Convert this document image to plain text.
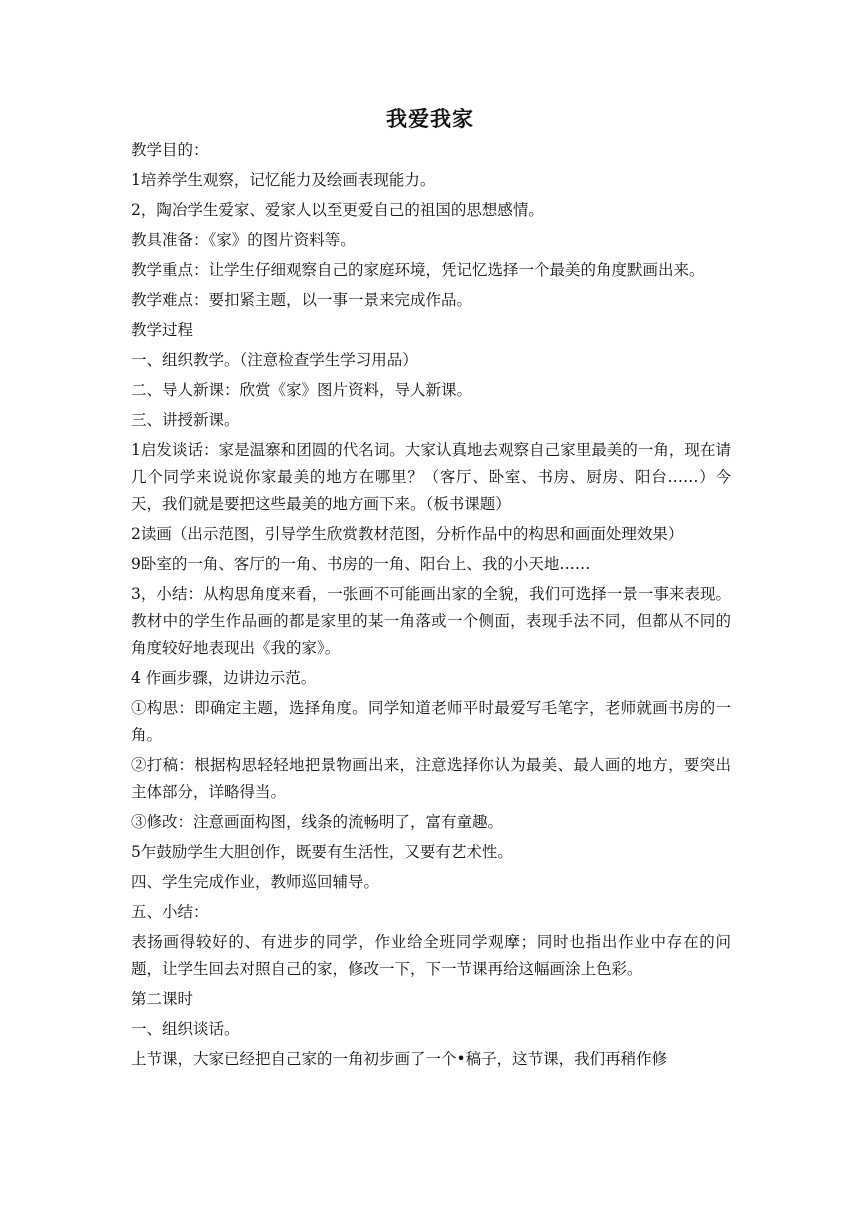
我爱我家

教学目的：

1培养学生观察，记忆能力及绘画表现能力。

2，陶冶学生爱家、爱家人以至更爱自己的祖国的思想感情。

教具准备：《家》的图片资料等。

教学重点：让学生仔细观察自己的家庭环境，凭记忆选择一个最美的角度默画出来。

教学难点：要扣紧主题，以一事一景来完成作品。

教学过程

一、组织教学。（注意检查学生学习用品）

二、导人新课：欣赏《家》图片资料，导人新课。

三、讲授新课。

1启发谈话：家是温寨和团圆的代名词。大家认真地去观察自己家里最美的一角，现在请几个同学来说说你家最美的地方在哪里？（客厅、卧室、书房、厨房、阳台……）今天，我们就是要把这些最美的地方画下来。（板书课题）

2读画（出示范图，引导学生欣赏教材范图，分析作品中的构思和画面处理效果）

9卧室的一角、客厅的一角、书房的一角、阳台上、我的小天地……

3，小结：从构思角度来看，一张画不可能画出家的全貌，我们可选择一景一事来表现。教材中的学生作品画的都是家里的某一角落或一个侧面，表现手法不同，但都从不同的角度较好地表现出《我的家》。

4 作画步骤，边讲边示范。

①构思：即确定主题，选择角度。同学知道老师平时最爱写毛笔字，老师就画书房的一角。

②打稿：根据构思轻轻地把景物画出来，注意选择你认为最美、最人画的地方，要突出主体部分，详略得当。

③修改：注意画面构图，线条的流畅明了，富有童趣。

5乍鼓励学生大胆创作，既要有生活性，又要有艺术性。

四、学生完成作业，教师巡回辅导。

五、小结：

表扬画得较好的、有进步的同学，作业给全班同学观摩；同时也指出作业中存在的问题，让学生回去对照自己的家，修改一下，下一节课再给这幅画涂上色彩。

第二课时

一、组织谈话。

上节课，大家已经把自己家的一角初步画了一个•稿子，这节课，我们再稍作修
